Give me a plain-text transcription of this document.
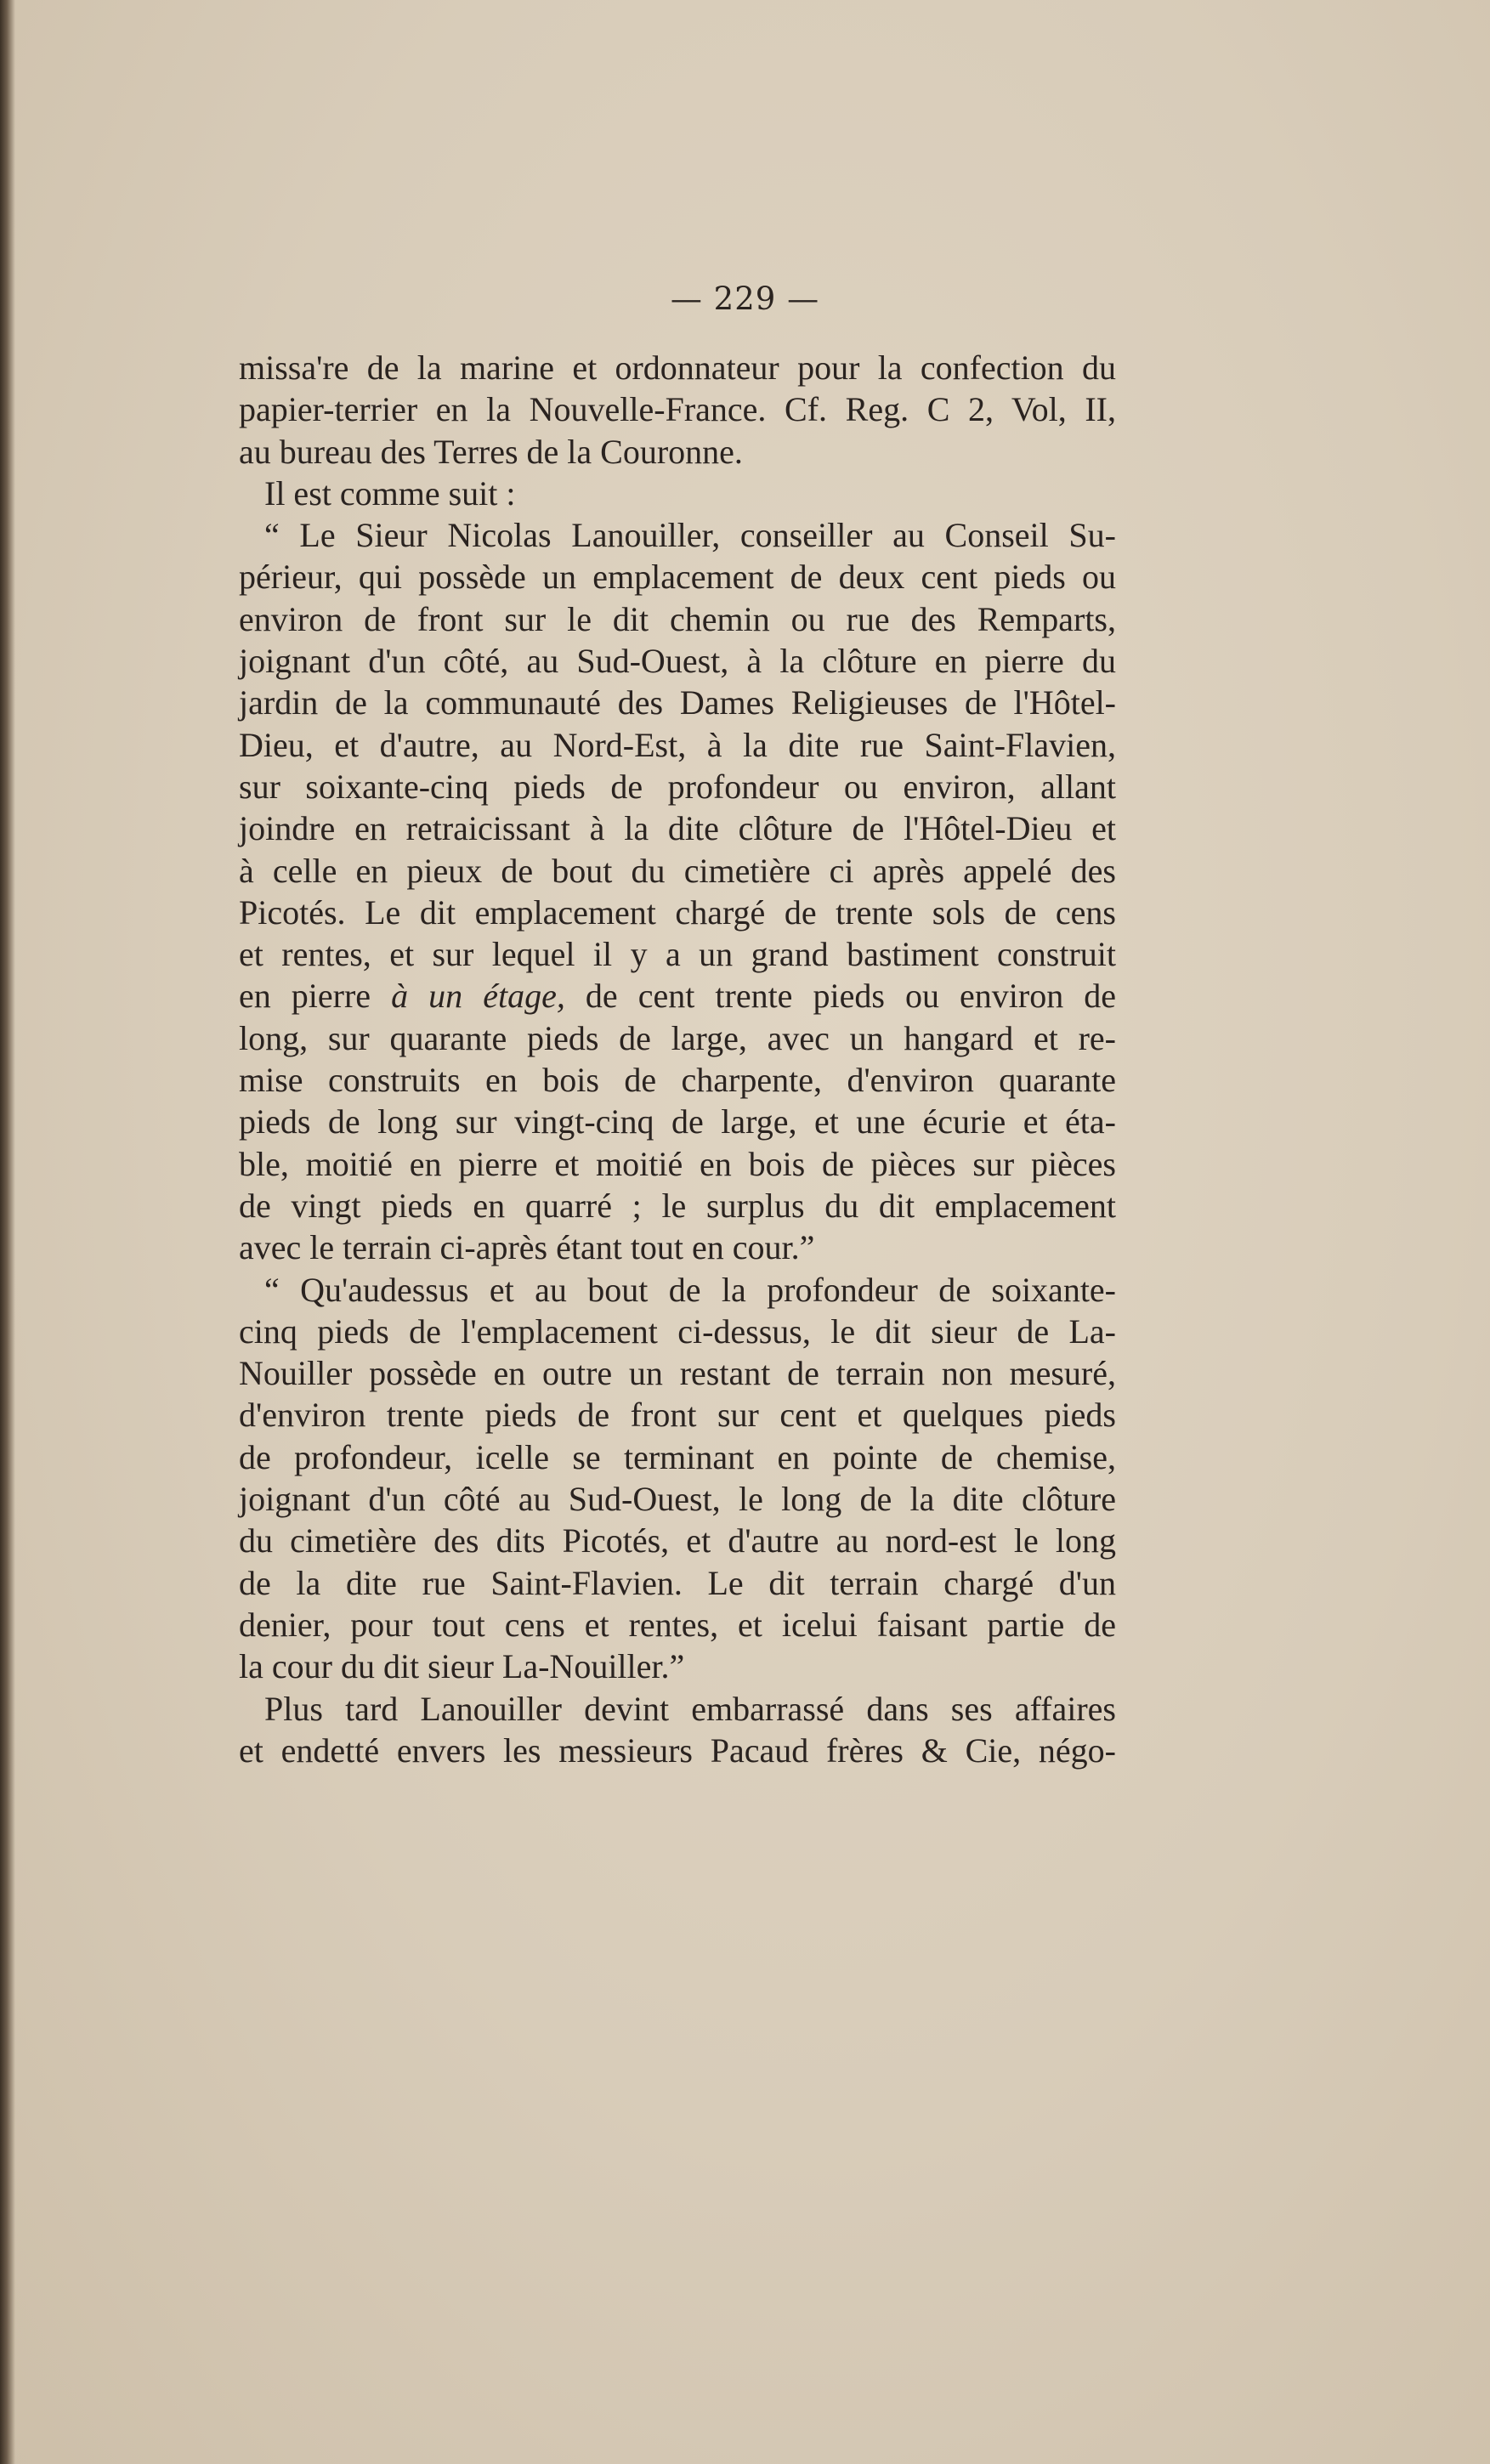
— 229 —
missa're de la marine et ordonnateur pour la confection du
papier-terrier en la Nouvelle-France. Cf. Reg. C 2, Vol, II,
au bureau des Terres de la Couronne.
Il est comme suit :
“ Le Sieur Nicolas Lanouiller, conseiller au Conseil Su-
périeur, qui possède un emplacement de deux cent pieds ou
environ de front sur le dit chemin ou rue des Remparts,
joignant d'un côté, au Sud-Ouest, à la clôture en pierre du
jardin de la communauté des Dames Religieuses de l'Hôtel-
Dieu, et d'autre, au Nord-Est, à la dite rue Saint-Flavien,
sur soixante-cinq pieds de profondeur ou environ, allant
joindre en retraicissant à la dite clôture de l'Hôtel-Dieu et
à celle en pieux de bout du cimetière ci après appelé des
Picotés. Le dit emplacement chargé de trente sols de cens
et rentes, et sur lequel il y a un grand bastiment construit
en pierre à un étage, de cent trente pieds ou environ de
long, sur quarante pieds de large, avec un hangard et re-
mise construits en bois de charpente, d'environ quarante
pieds de long sur vingt-cinq de large, et une écurie et éta-
ble, moitié en pierre et moitié en bois de pièces sur pièces
de vingt pieds en quarré ; le surplus du dit emplacement
avec le terrain ci-après étant tout en cour.”
“ Qu'audessus et au bout de la profondeur de soixante-
cinq pieds de l'emplacement ci-dessus, le dit sieur de La-
Nouiller possède en outre un restant de terrain non mesuré,
d'environ trente pieds de front sur cent et quelques pieds
de profondeur, icelle se terminant en pointe de chemise,
joignant d'un côté au Sud-Ouest, le long de la dite clôture
du cimetière des dits Picotés, et d'autre au nord-est le long
de la dite rue Saint-Flavien. Le dit terrain chargé d'un
denier, pour tout cens et rentes, et icelui faisant partie de
la cour du dit sieur La-Nouiller.”
Plus tard Lanouiller devint embarrassé dans ses affaires
et endetté envers les messieurs Pacaud frères & Cie, négo-
